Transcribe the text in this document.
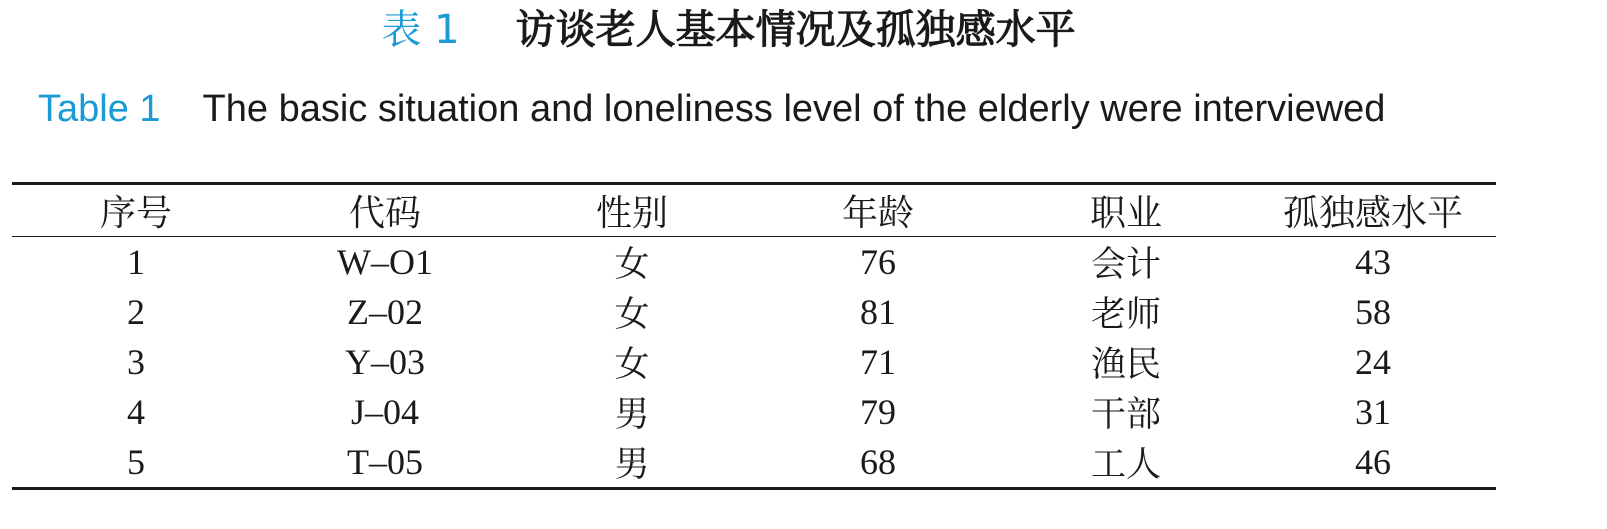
表 1 访谈老人基本情况及孤独感水平
Table 1 The basic situation and loneliness level of the elderly were interviewed
序号	代码	性别	年龄	职业	孤独感水平
1	W–O1	女	76	会计	43
2	Z–02	女	81	老师	58
3	Y–03	女	71	渔民	24
4	J–04	男	79	干部	31
5	T–05	男	68	工人	46
